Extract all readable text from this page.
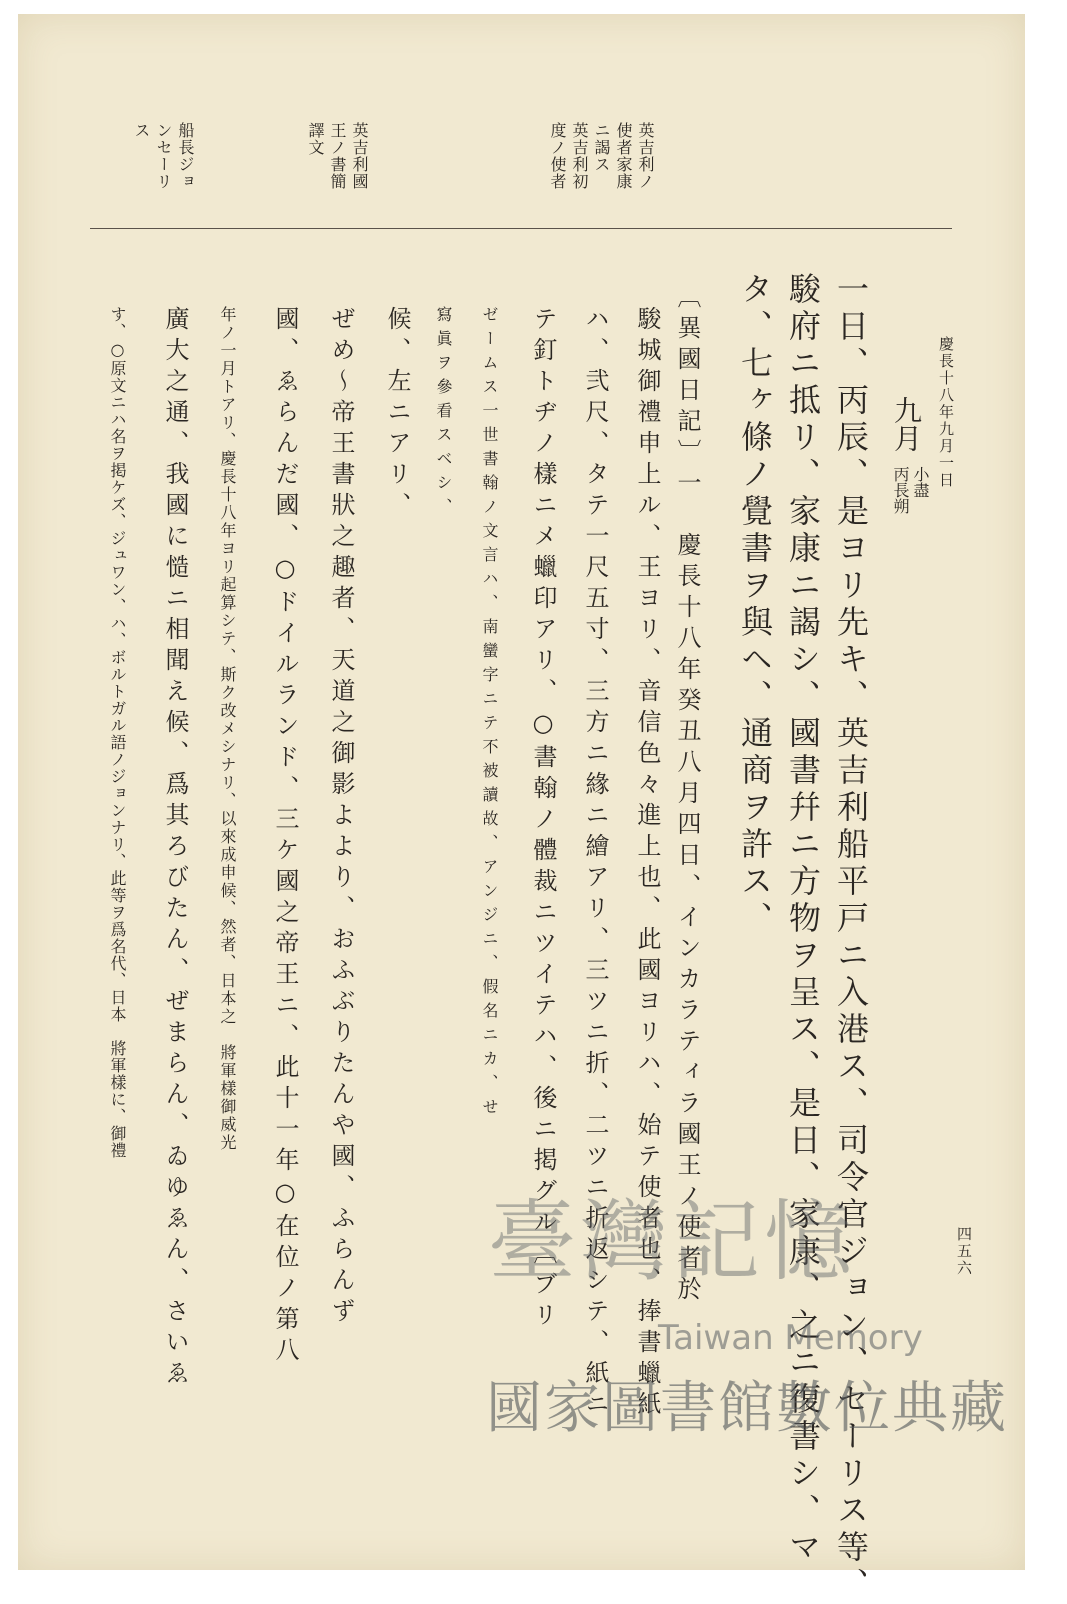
英吉利ノ
使者家康
ニ謁ス
英吉利初
度ノ使者
英吉利國
王ノ書簡
譯文
船長ジョ
ンセーリ
ス
慶長十八年九月一日
九月
小盡
丙長朔
一日、丙辰、是ヨリ先キ、英吉利船平戸ニ入港ス、司令官ジョン、セーリス等、
駿府ニ抵リ、家康ニ謁シ、國書幷ニ方物ヲ呈ス、是日、家康、之ニ復書シ、マ
タ、七ヶ條ノ覺書ヲ與ヘ、通商ヲ許ス、
〔異國日記〕一　慶長十八年癸丑八月四日、インカラティラ國王ノ使者於
駿城御禮申上ル、王ヨリ、音信色々進上也、此國ヨリハ、始テ使者也、捧書蠟紙
ハ、弐尺、タテ一尺五寸、三方ニ緣ニ繪アリ、三ツニ折、二ツニ折返シテ、紙ニ
テ釘トヂノ樣ニメ蠟印アリ、○書翰ノ體裁ニツイテハ、後ニ掲グル〔ブリ
ゼームス一世書翰ノ文言ハ、南蠻字ニテ不被讀故、アンジニ、假名ニカ、せ
寫眞ヲ參看スベシ、
候、左ニアリ、
ぜめ〜帝王書狀之趣者、天道之御影よより、おふぶりたんや國、ふらんず
國、ゑらんだ國、○ドイルランド、三ケ國之帝王ニ、此十一年○在位ノ第八
年ノ一月トアリ、慶長十八年ヨリ起算シテ、斯ク改メシナリ、以來成申候、然者、日本之　將軍樣御威光
廣大之通、我國に慥ニ相聞え候、爲其ろびたん、ぜまらん、ゐゆゑん、さいゑ
す、○原文ニハ名ヲ掲ケズ、ジュワン、ハ、ボルトガル語ノジョンナリ、此等ヲ爲名代、日本　將軍樣に、御禮
四五六
臺灣記憶
Taiwan Memory
國家圖書館數位典藏
